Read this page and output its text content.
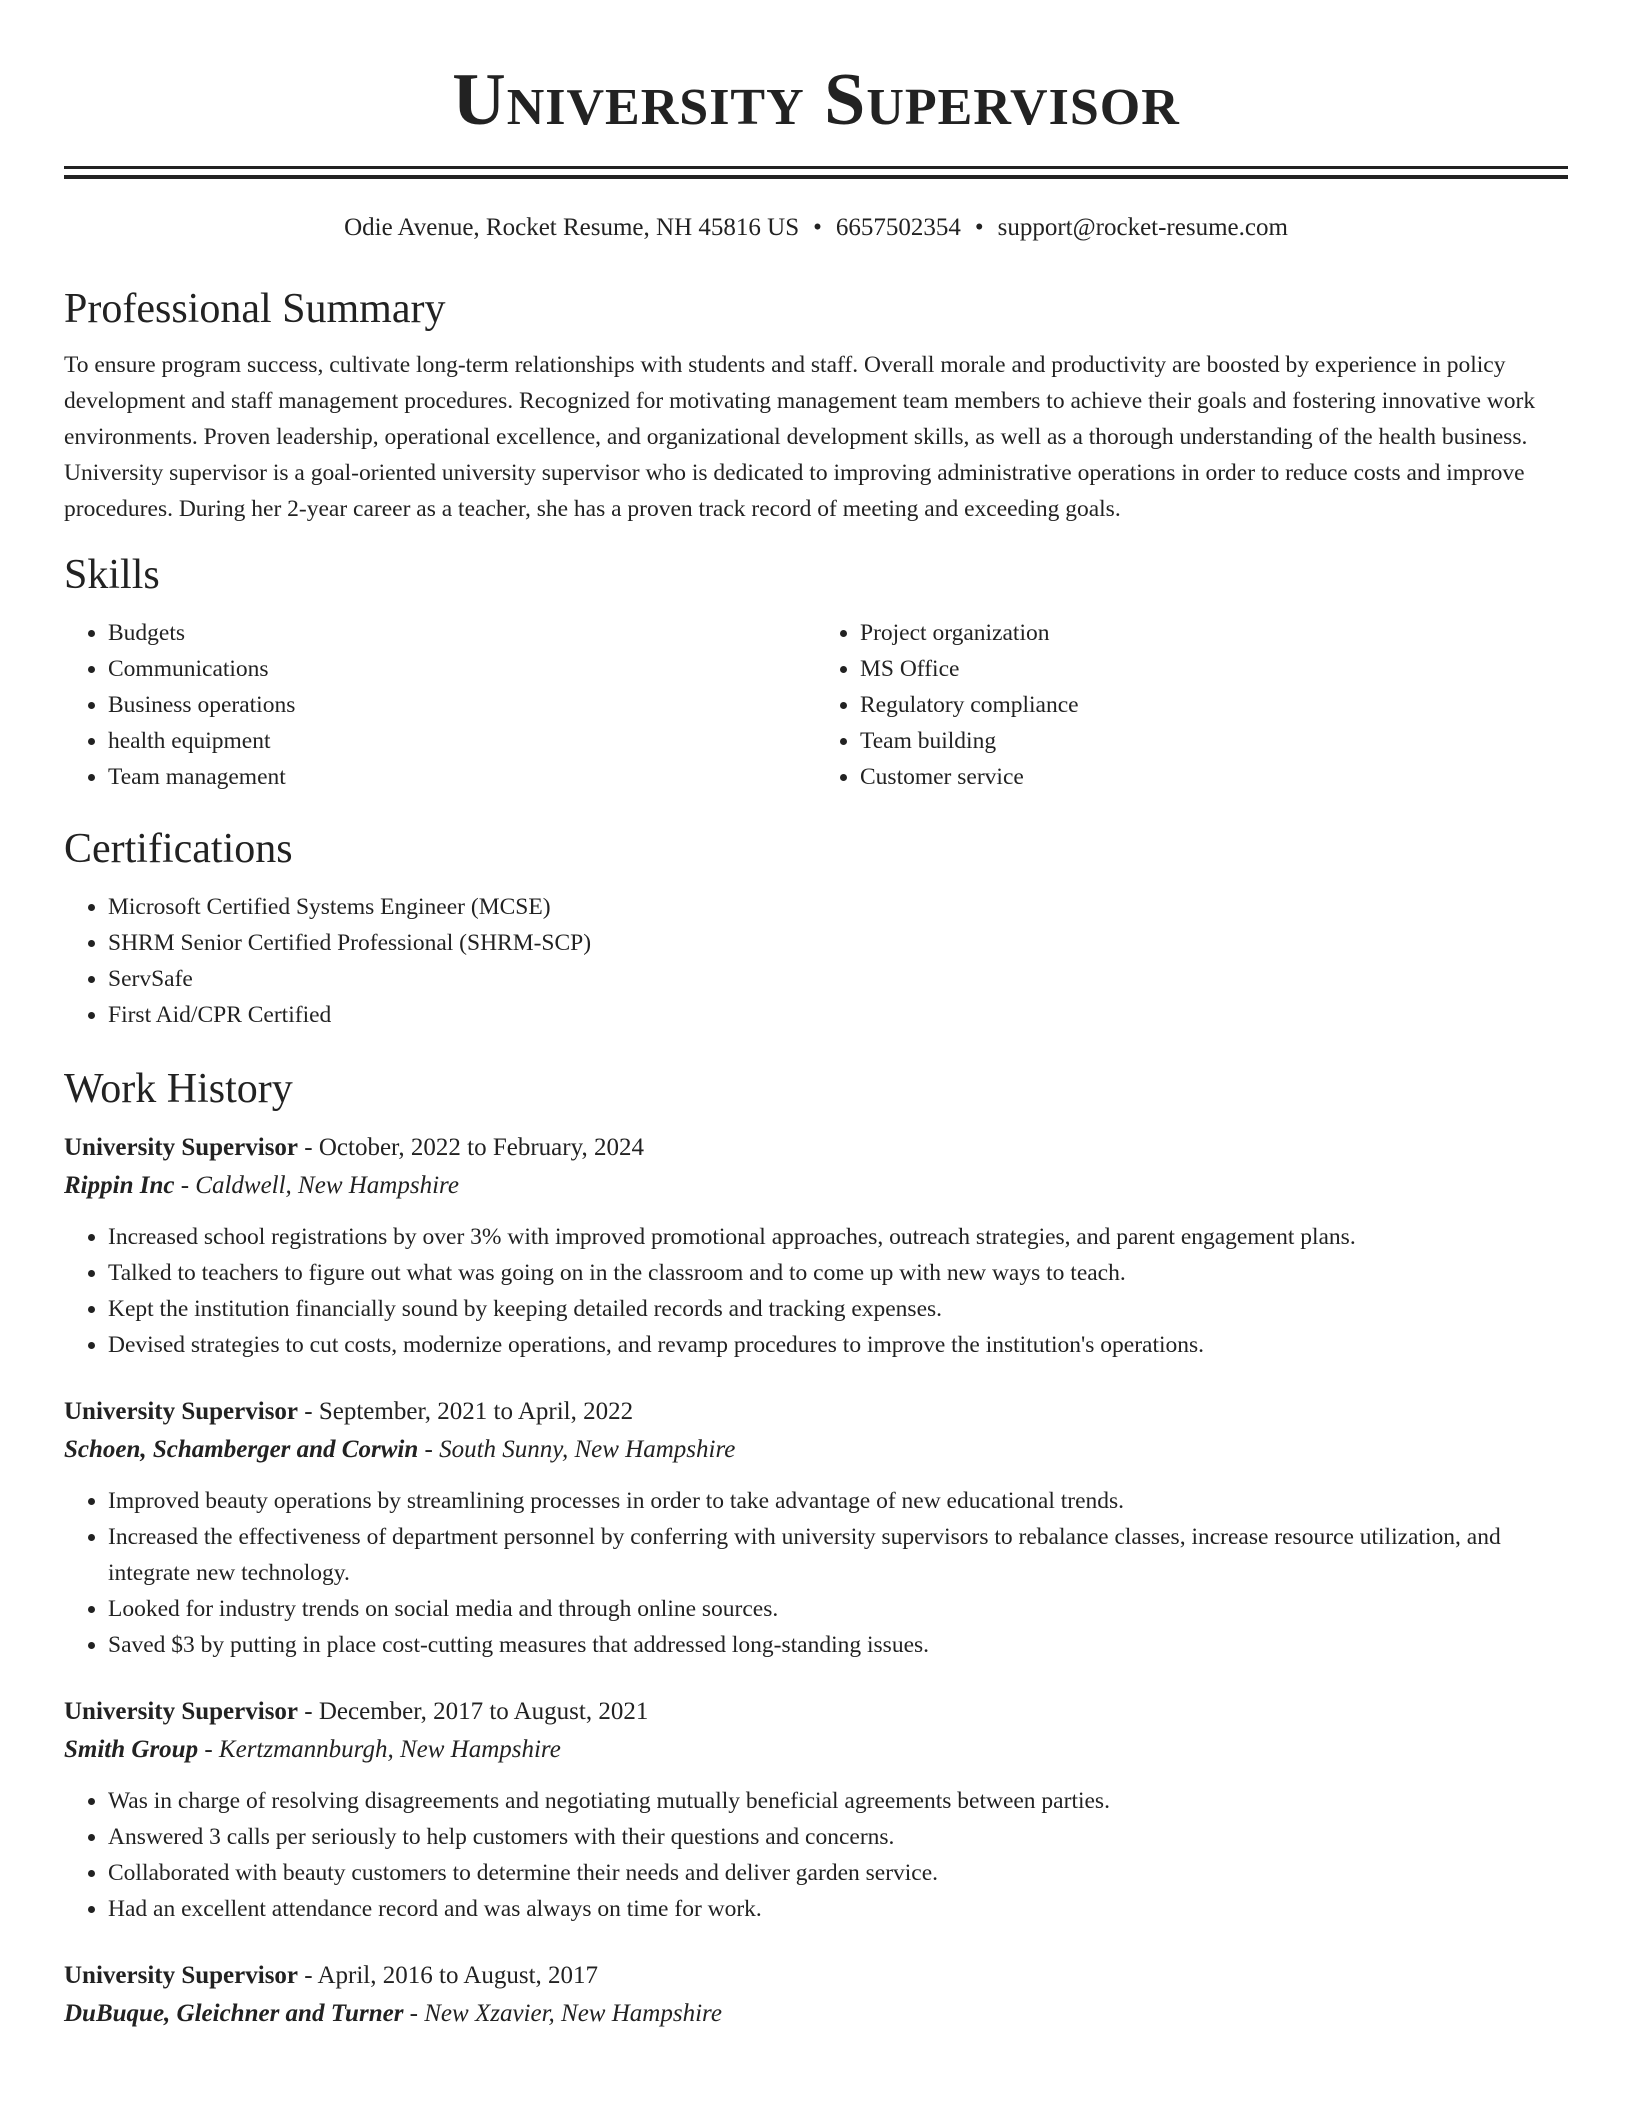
University Supervisor
Odie Avenue, Rocket Resume, NH 45816 US • 6657502354 • support@rocket-resume.com
Professional Summary

To ensure program success, cultivate long-term relationships with students and staff. Overall morale and productivity are boosted by experience in policy development and staff management procedures. Recognized for motivating management team members to achieve their goals and fostering innovative work environments. Proven leadership, operational excellence, and organizational development skills, as well as a thorough understanding of the health business. University supervisor is a goal-oriented university supervisor who is dedicated to improving administrative operations in order to reduce costs and improve procedures. During her 2-year career as a teacher, she has a proven track record of meeting and exceeding goals.

Skills
• Budgets
• Communications
• Business operations
• health equipment
• Team management
• Project organization
• MS Office
• Regulatory compliance
• Team building
• Customer service
Certifications
• Microsoft Certified Systems Engineer (MCSE)
• SHRM Senior Certified Professional (SHRM-SCP)
• ServSafe
• First Aid/CPR Certified
Work History
University Supervisor - October, 2022 to February, 2024
Rippin Inc - Caldwell, New Hampshire
• Increased school registrations by over 3% with improved promotional approaches, outreach strategies, and parent engagement plans.
• Talked to teachers to figure out what was going on in the classroom and to come up with new ways to teach.
• Kept the institution financially sound by keeping detailed records and tracking expenses.
• Devised strategies to cut costs, modernize operations, and revamp procedures to improve the institution's operations.
University Supervisor - September, 2021 to April, 2022
Schoen, Schamberger and Corwin - South Sunny, New Hampshire
• Improved beauty operations by streamlining processes in order to take advantage of new educational trends.
• Increased the effectiveness of department personnel by conferring with university supervisors to rebalance classes, increase resource utilization, and integrate new technology.
• Looked for industry trends on social media and through online sources.
• Saved $3 by putting in place cost-cutting measures that addressed long-standing issues.
University Supervisor - December, 2017 to August, 2021
Smith Group - Kertzmannburgh, New Hampshire
• Was in charge of resolving disagreements and negotiating mutually beneficial agreements between parties.
• Answered 3 calls per seriously to help customers with their questions and concerns.
• Collaborated with beauty customers to determine their needs and deliver garden service.
• Had an excellent attendance record and was always on time for work.
University Supervisor - April, 2016 to August, 2017
DuBuque, Gleichner and Turner - New Xzavier, New Hampshire
